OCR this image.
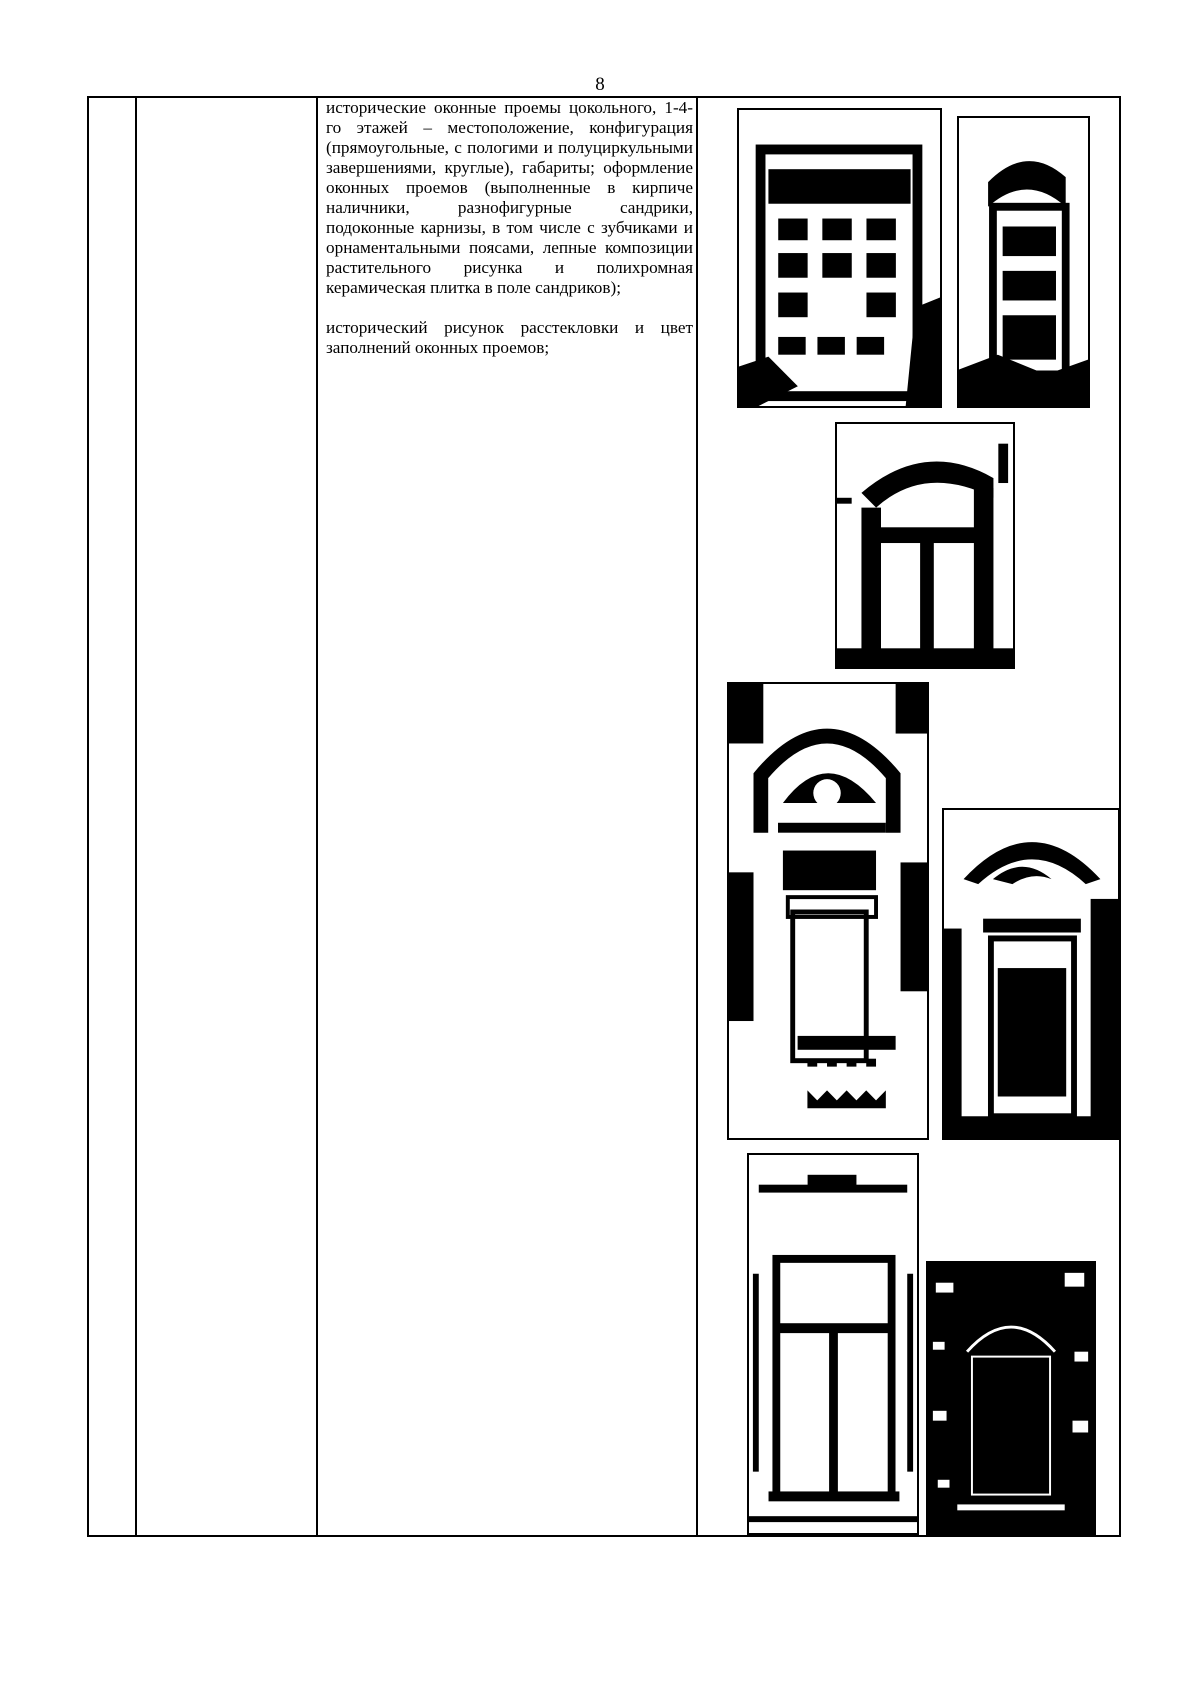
8

исторические оконные проемы цокольного, 1-4-го этажей – местоположение, конфигурация (прямоугольные, с пологими и полуциркульными завершениями, круглые), габариты; оформление оконных проемов (выполненные в кирпиче наличники, разнофигурные сандрики, подоконные карнизы, в том числе с зубчиками и орнаментальными поясами, лепные композиции растительного рисунка и полихромная керамическая плитка в поле сандриков);

исторический рисунок расстекловки и цвет заполнений оконных проемов;
